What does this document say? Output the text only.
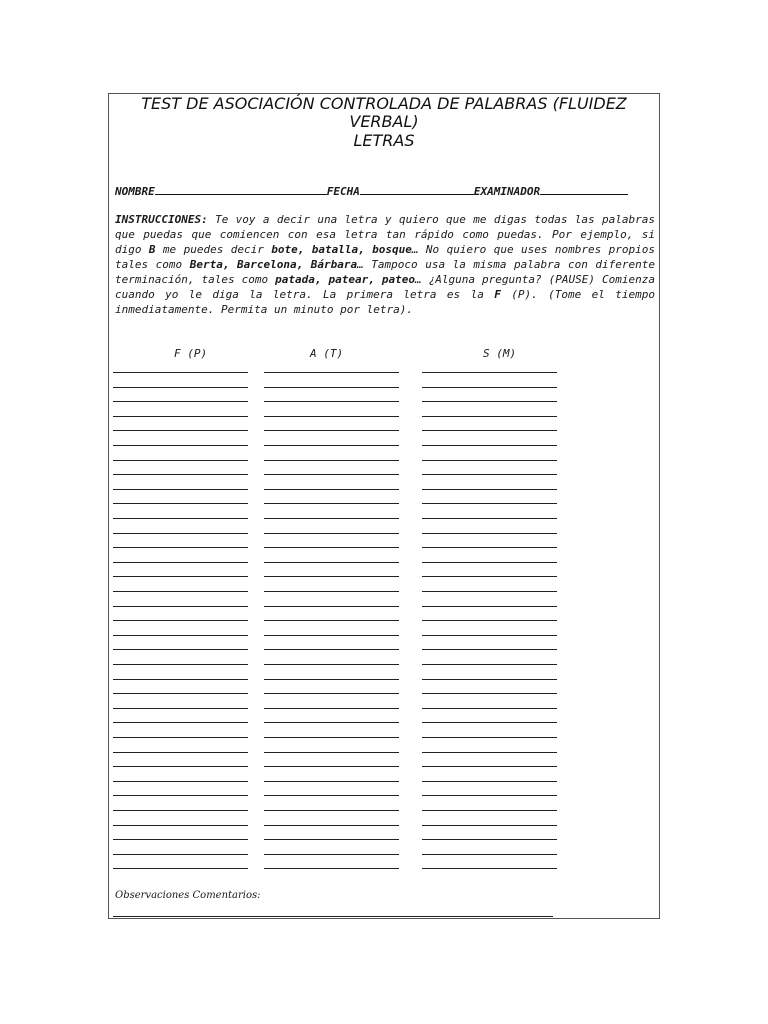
TEST DE ASOCIACIÓN CONTROLADA DE PALABRAS (FLUIDEZ
VERBAL)
LETRAS
NOMBRE	FECHA	EXAMINADOR
INSTRUCCIONES: Te voy a decir una letra y quiero que me digas todas las palabras que puedas que comiencen con esa letra tan rápido como puedas. Por ejemplo, si digo B me puedes decir bote, batalla, bosque… No quiero que uses nombres propios tales como Berta, Barcelona, Bárbara… Tampoco usa la misma palabra con diferente terminación, tales como patada, patear, pateo… ¿Alguna pregunta? (PAUSE) Comienza cuando yo le diga la letra. La primera letra es la F (P). (Tome el tiempo inmediatamente. Permita un minuto por letra).
F (P)	A (T)	S (M)
Observaciones Comentarios:
